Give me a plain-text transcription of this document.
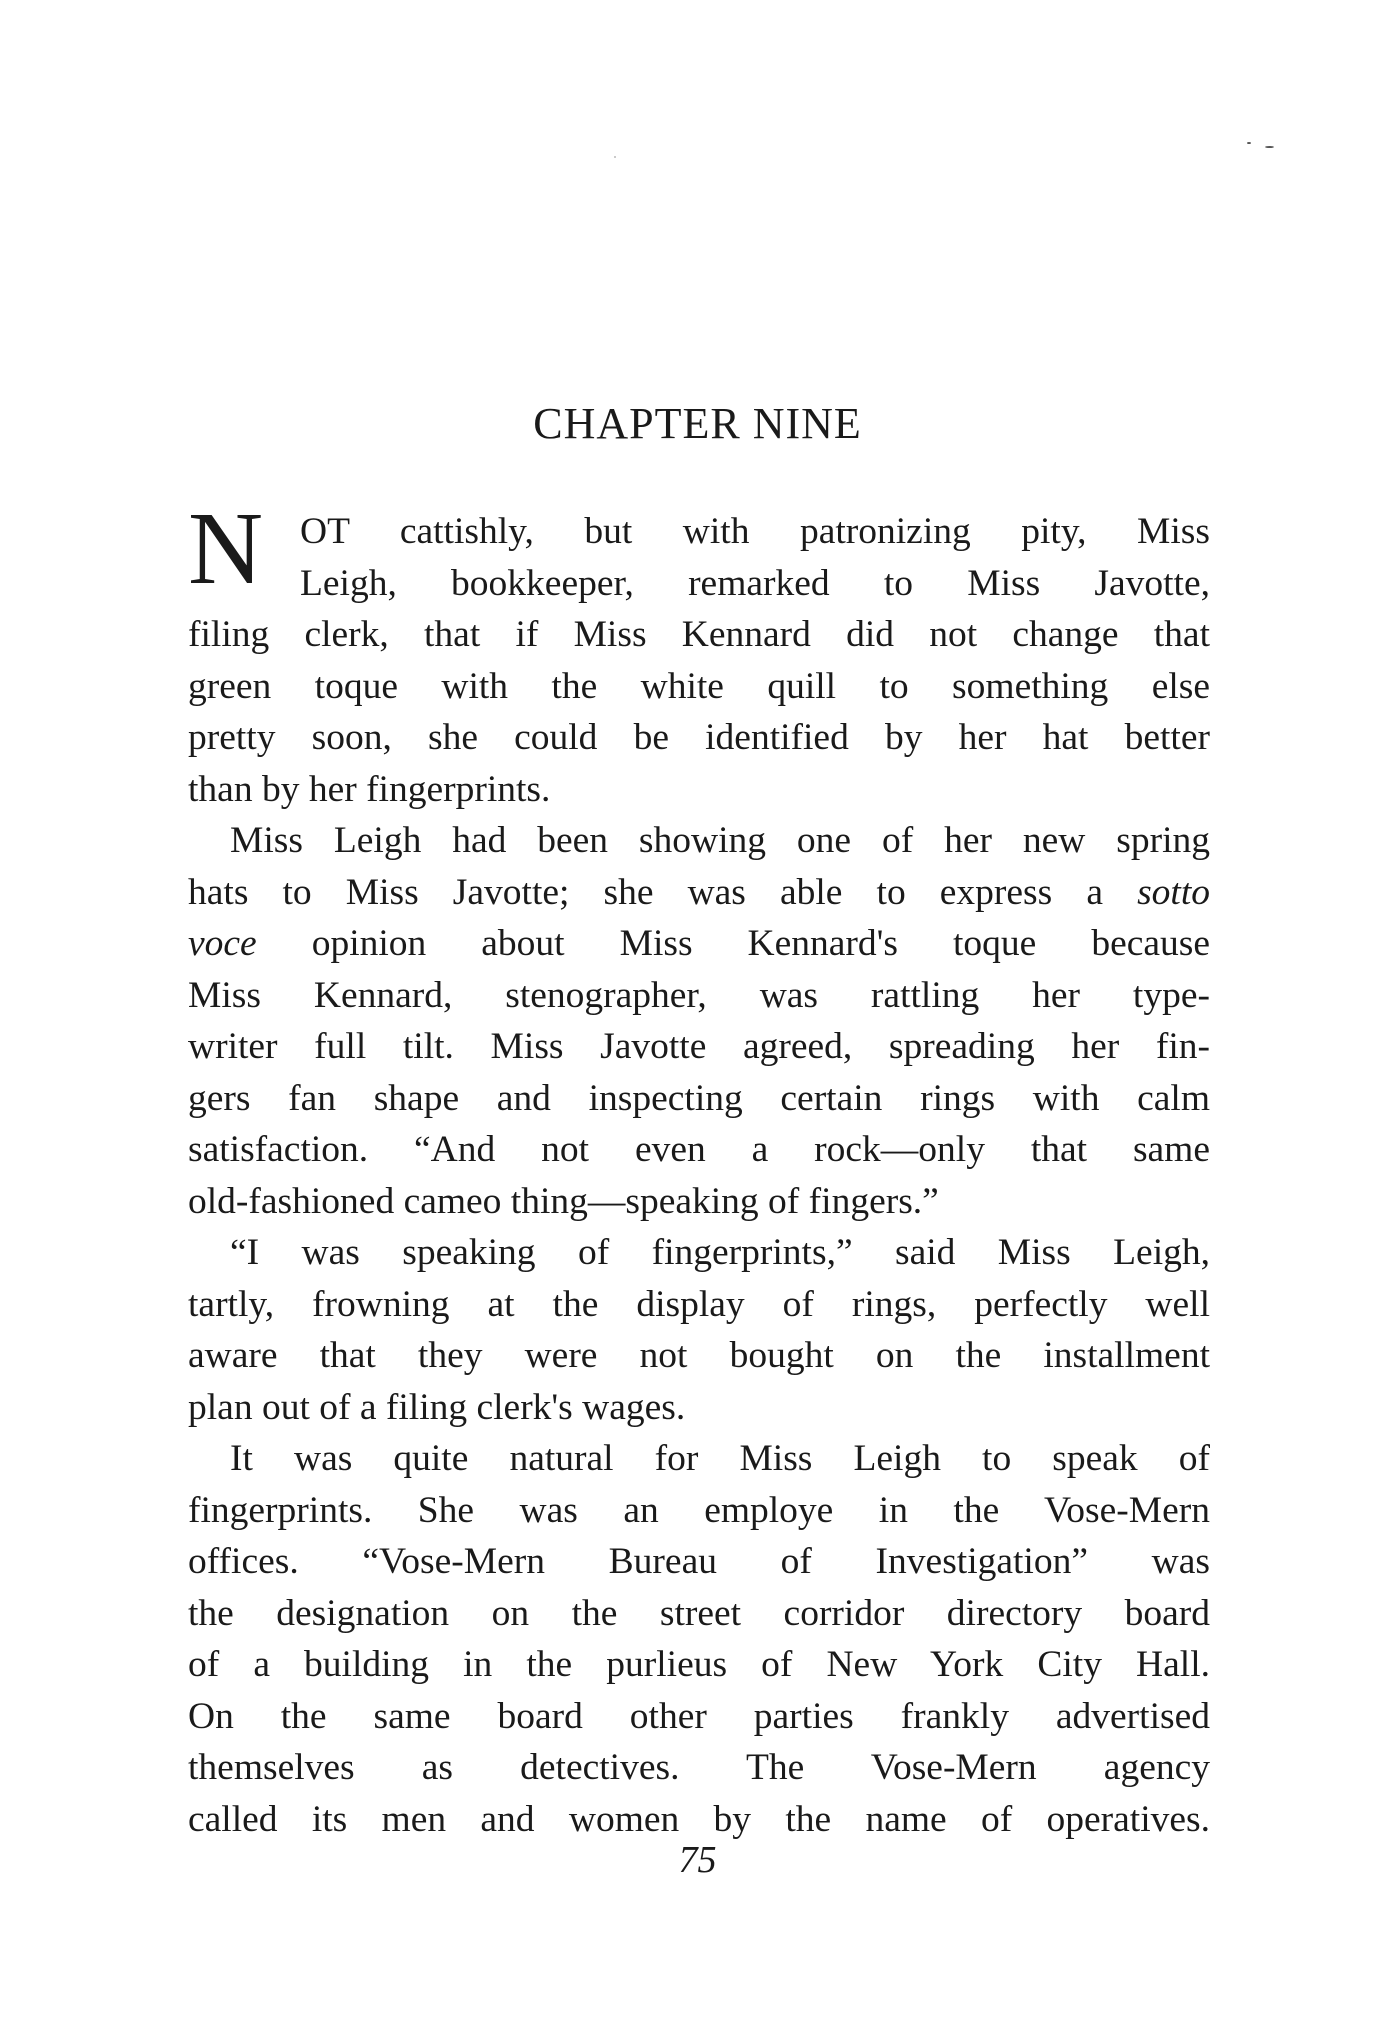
CHAPTER NINE
N OT cattishly, but with patronizing pity, Miss
Leigh, bookkeeper, remarked to Miss Javotte,
filing clerk, that if Miss Kennard did not change that
green toque with the white quill to something else
pretty soon, she could be identified by her hat better
than by her fingerprints.
Miss Leigh had been showing one of her new spring
hats to Miss Javotte; she was able to express a sotto
voce opinion about Miss Kennard's toque because
Miss Kennard, stenographer, was rattling her type-
writer full tilt. Miss Javotte agreed, spreading her fin-
gers fan shape and inspecting certain rings with calm
satisfaction. “And not even a rock—only that same
old-fashioned cameo thing—speaking of fingers.”
“I was speaking of fingerprints,” said Miss Leigh,
tartly, frowning at the display of rings, perfectly well
aware that they were not bought on the installment
plan out of a filing clerk's wages.
It was quite natural for Miss Leigh to speak of
fingerprints. She was an employe in the Vose-Mern
offices. “Vose-Mern Bureau of Investigation” was
the designation on the street corridor directory board
of a building in the purlieus of New York City Hall.
On the same board other parties frankly advertised
themselves as detectives. The Vose-Mern agency
called its men and women by the name of operatives.
75
